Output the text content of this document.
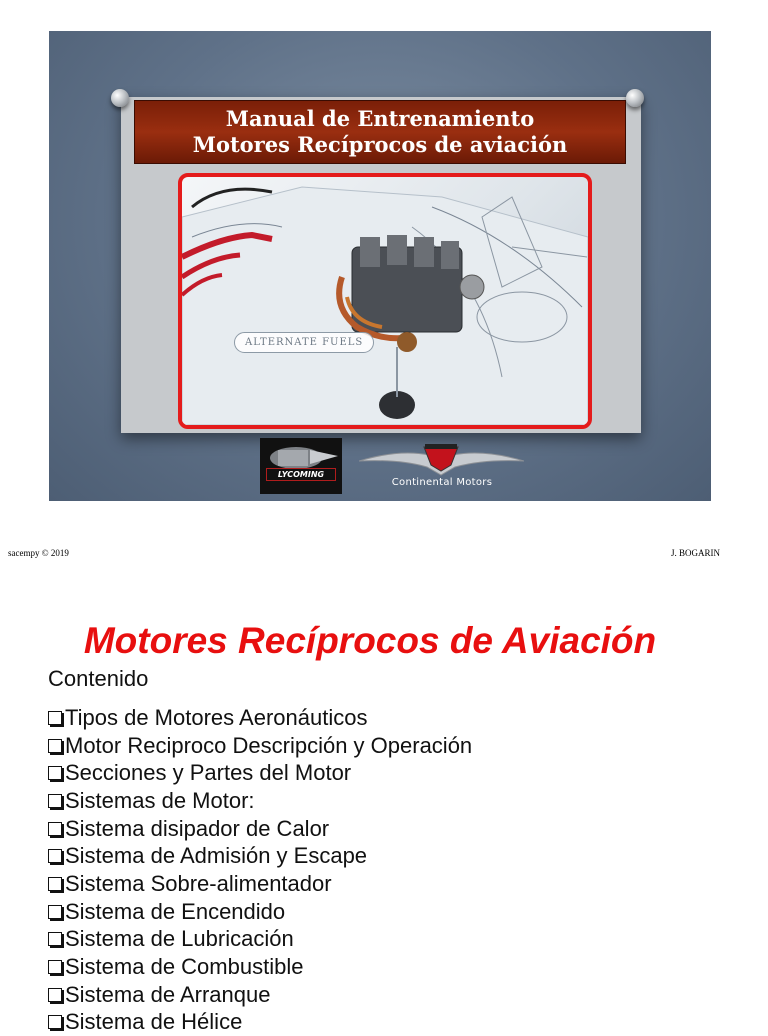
Manual de Entrenamiento
Motores Recíprocos de aviación
ALTERNATE FUELS
LYCOMING
Continental Motors
sacempy © 2019	J. BOGARIN
Motores Recíprocos de Aviación
Contenido
Tipos de Motores Aeronáuticos
Motor Reciproco Descripción y Operación
Secciones y Partes del Motor
Sistemas de Motor:
Sistema disipador de Calor
Sistema de Admisión y Escape
Sistema Sobre-alimentador
Sistema de Encendido
Sistema de Lubricación
Sistema de Combustible
Sistema de Arranque
Sistema de Hélice
